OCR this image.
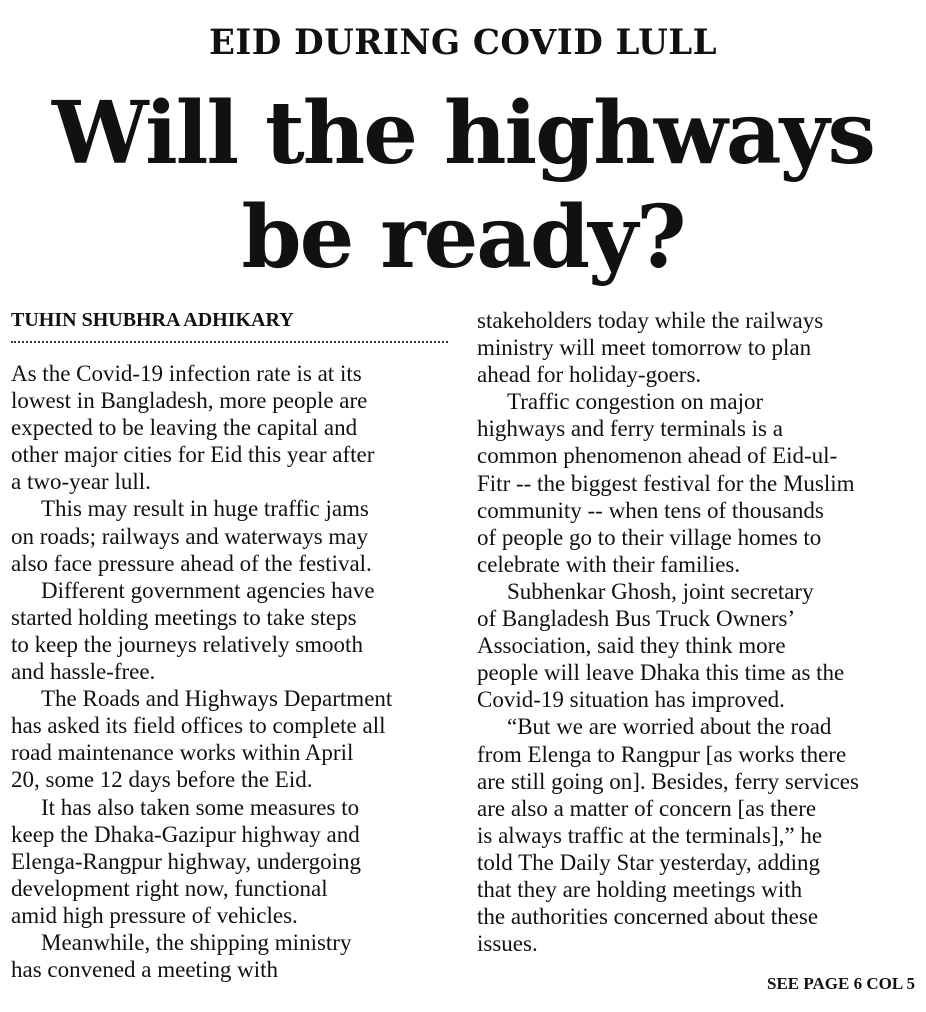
EID DURING COVID LULL
Will the highways
be ready?
TUHIN SHUBHRA ADHIKARY
As the Covid-19 infection rate is at its
lowest in Bangladesh, more people are
expected to be leaving the capital and
other major cities for Eid this year after
a two-year lull.
This may result in huge traffic jams
on roads; railways and waterways may
also face pressure ahead of the festival.
Different government agencies have
started holding meetings to take steps
to keep the journeys relatively smooth
and hassle-free.
The Roads and Highways Department
has asked its field offices to complete all
road maintenance works within April
20, some 12 days before the Eid.
It has also taken some measures to
keep the Dhaka-Gazipur highway and
Elenga-Rangpur highway, undergoing
development right now, functional
amid high pressure of vehicles.
Meanwhile, the shipping ministry
has convened a meeting with
stakeholders today while the railways
ministry will meet tomorrow to plan
ahead for holiday-goers.
Traffic congestion on major
highways and ferry terminals is a
common phenomenon ahead of Eid-ul-
Fitr -- the biggest festival for the Muslim
community -- when tens of thousands
of people go to their village homes to
celebrate with their families.
Subhenkar Ghosh, joint secretary
of Bangladesh Bus Truck Owners’
Association, said they think more
people will leave Dhaka this time as the
Covid-19 situation has improved.
“But we are worried about the road
from Elenga to Rangpur [as works there
are still going on]. Besides, ferry services
are also a matter of concern [as there
is always traffic at the terminals],” he
told The Daily Star yesterday, adding
that they are holding meetings with
the authorities concerned about these
issues.
SEE PAGE 6 COL 5
